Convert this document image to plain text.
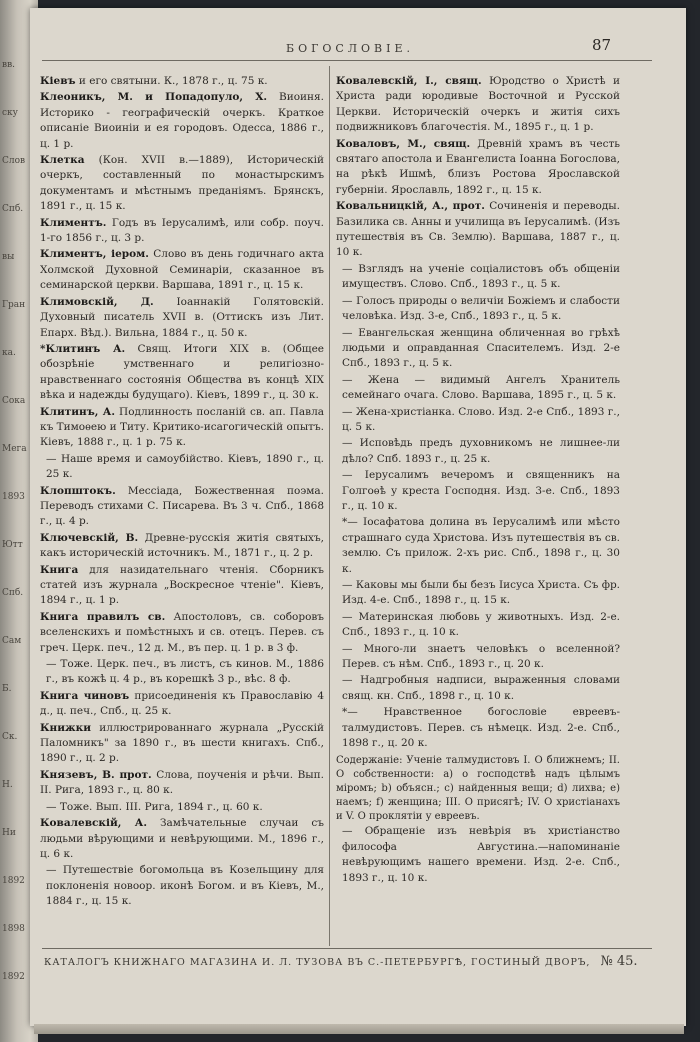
вв.
ску
Слов
Спб.
вы
Гран
ка.
Сока
Мега
1893
Ютт
Спб.
Сам
Б.
Ск.
Н.
Ни
1892
1898
1892
БОГОСЛОВІЕ.	87
Кіевъ и его святыни. К., 1878 г., ц. 75 к.
Клеоникъ, М. и Попадопуло, Х. Виоиня. Историко - географическій очеркъ. Краткое описаніе Виоиніи и ея городовъ. Одесса, 1886 г., ц. 1 р.
Клетка (Кон. XVII в.—1889), Историческій очеркъ, составленный по монастырскимъ документамъ и мѣстнымъ преданіямъ. Брянскъ, 1891 г., ц. 15 к.
Климентъ. Годъ въ Іерусалимѣ, или собр. поуч. 1-го 1856 г., ц. 3 р.
Климентъ, іером. Слово въ день годичнаго акта Холмской Духовной Семинаріи, сказанное въ семинарской церкви. Варшава, 1891 г., ц. 15 к.
Климовскій, Д. Іоаннакій Голятовскій. Духовный писатель XVII в. (Оттискъ изъ Лит. Епарх. Вѣд.). Вильна, 1884 г., ц. 50 к.
*Клитинъ А. Свящ. Итоги XIX в. (Общее обозрѣніе умственнаго и религіозно-нравственнаго состоянія Общества въ концѣ XIX вѣка и надежды будущаго). Кіевъ, 1899 г., ц. 30 к.
Клитинъ, А. Подлинность посланій св. ап. Павла къ Тимоѳею и Титу. Критико-исагогическій опытъ. Кіевъ, 1888 г., ц. 1 р. 75 к.
— Наше время и самоубійство. Кіевъ, 1890 г., ц. 25 к.
Клопштокъ. Мессіада, Божественная поэма. Переводъ стихами С. Писарева. Въ 3 ч. Спб., 1868 г., ц. 4 р.
Ключевскій, В. Древне-русскія житія святыхъ, какъ историческій источникъ. М., 1871 г., ц. 2 р.
Книга для назидательнаго чтенія. Сборникъ статей изъ журнала „Воскресное чтеніе". Кіевъ, 1894 г., ц. 1 р.
Книга правилъ св. Апостоловъ, св. соборовъ вселенскихъ и помѣстныхъ и св. отецъ. Перев. съ греч. Церк. печ., 12 д. М., въ пер. ц. 1 р. в 3 ф.
— Тоже. Церк. печ., въ листъ, съ кинов. М., 1886 г., въ кожѣ ц. 4 р., въ корешкѣ 3 р., вѣс. 8 ф.
Книга чиновъ присоединенія къ Православію 4 д., ц. печ., Спб., ц. 25 к.
Книжки иллюстрированнаго журнала „Русскій Паломникъ" за 1890 г., въ шести книгахъ. Спб., 1890 г., ц. 2 р.
Князевъ, В. прот. Слова, поученія и рѣчи. Вып. II. Рига, 1893 г., ц. 80 к.
— Тоже. Вып. III. Рига, 1894 г., ц. 60 к.
Ковалевскій, А. Замѣчательные случаи съ людьми вѣрующими и невѣрующими. М., 1896 г., ц. 6 к.
— Путешествіе богомольца въ Козельщину для поклоненія новоор. иконѣ Богом. и въ Кіевъ, М., 1884 г., ц. 15 к.
Ковалевскій, І., свящ. Юродство о Христѣ и Христа ради юродивые Восточной и Русской Церкви. Историческій очеркъ и житія сихъ подвижниковъ благочестія. М., 1895 г., ц. 1 р.
Коваловъ, М., свящ. Древній храмъ въ честь святаго апостола и Евангелиста Іоанна Богослова, на рѣкѣ Ишмѣ, близъ Ростова Ярославской губерніи. Ярославль, 1892 г., ц. 15 к.
Ковальницкій, А., прот. Сочиненія и переводы. Базилика св. Анны и училища въ Іерусалимѣ. (Изъ путешествія въ Св. Землю). Варшава, 1887 г., ц. 10 к.
— Взглядъ на ученіе соціалистовъ объ общеніи имуществъ. Слово. Спб., 1893 г., ц. 5 к.
— Голосъ природы о величіи Божіемъ и слабости человѣка. Изд. 3-е, Спб., 1893 г., ц. 5 к.
— Евангельская женщина обличенная во грѣхѣ людьми и оправданная Спасителемъ. Изд. 2-е Спб., 1893 г., ц. 5 к.
— Жена — видимый Ангелъ Хранитель семейнаго очага. Слово. Варшава, 1895 г., ц. 5 к.
— Жена-христіанка. Слово. Изд. 2-е Спб., 1893 г., ц. 5 к.
— Исповѣдь предъ духовникомъ не лишнее-ли дѣло? Спб. 1893 г., ц. 25 к.
— Іерусалимъ вечеромъ и священникъ на Голгоѳѣ у креста Господня. Изд. 3-е. Спб., 1893 г., ц. 10 к.
*— Іосафатова долина въ Іерусалимѣ или мѣсто страшнаго суда Христова. Изъ путешествія въ св. землю. Съ прилож. 2-хъ рис. Спб., 1898 г., ц. 30 к.
— Каковы мы были бы безъ Іисуса Христа. Съ фр. Изд. 4-е. Спб., 1898 г., ц. 15 к.
— Материнская любовь у животныхъ. Изд. 2-е. Спб., 1893 г., ц. 10 к.
— Много-ли знаетъ человѣкъ о вселенной? Перев. съ нѣм. Спб., 1893 г., ц. 20 к.
— Надгробныя надписи, выраженныя словами свящ. кн. Спб., 1898 г., ц. 10 к.
*— Нравственное богословіе евреевъ-талмудистовъ. Перев. съ нѣмецк. Изд. 2-е. Спб., 1898 г., ц. 20 к.
Содержаніе: Ученіе талмудистовъ I. О ближнемъ; II. О собственности: a) о господствѣ надъ цѣлымъ міромъ; b) объясн.; c) найденныя вещи; d) лихва; e) наемъ; f) женщина; III. О присягѣ; IV. О христіанахъ и V. О проклятіи у евреевъ.
— Обращеніе изъ невѣрія въ христіанство философа Августина.—напоминаніе невѣрующимъ нашего времени. Изд. 2-е. Спб., 1893 г., ц. 10 к.
КАТАЛОГЪ КНИЖНАГО МАГАЗИНА И. Л. ТУЗОВА ВЪ С.-ПЕТЕРБУРГѢ, ГОСТИНЫЙ ДВОРЪ, № 45.
